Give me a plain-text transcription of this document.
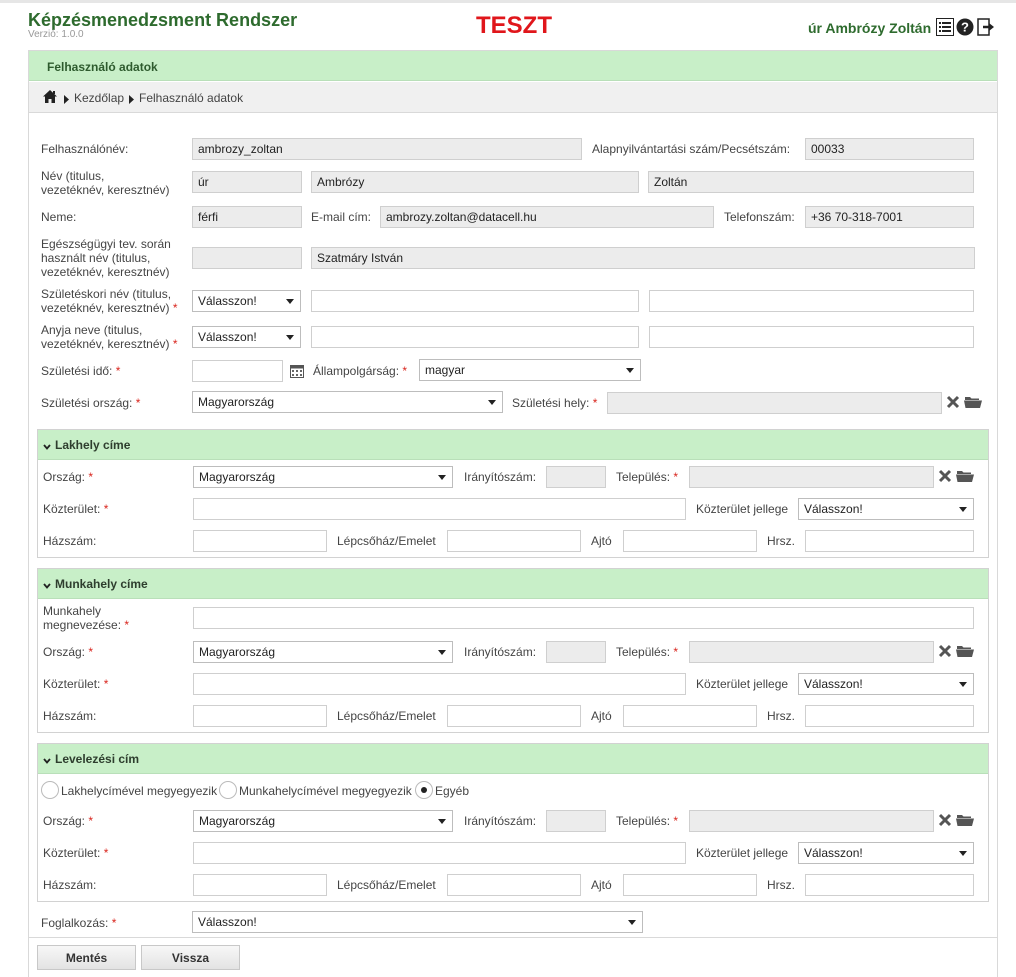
Képzésmenedzsment Rendszer
Verzió: 1.0.0	TESZT	úr Ambrózy Zoltán ?
Felhasználó adatok
Kezdőlap Felhasználó adatok
Felhasználónév:	ambrozy_zoltan	Alapnyilvántartási szám/Pecsétszám:	00033
Név (titulus,
vezetéknév, keresztnév)
úr	Ambrózy	Zoltán
Neme:	férfi	E-mail cím:	ambrozy.zoltan@datacell.hu	Telefonszám:	+36 70-318-7001
Egészségügyi tev. során
használt név (titulus,
vezetéknév, keresztnév)
Szatmáry István
Születéskori név (titulus,
vezetéknév, keresztnév) *	Válasszon!
Anyja neve (titulus,
vezetéknév, keresztnév) *	Válasszon!
Születési idő: *	Állampolgárság: *	magyar
Születési ország: *	Magyarország	Születési hely: *
Lakhely címe
Ország: *	Magyarország	Irányítószám:	Település: *
Közterület: *	Közterület jellege	Válasszon!
Házszám:	Lépcsőház/Emelet	Ajtó	Hrsz.
Munkahely címe
Munkahely
megnevezése: *
Ország: *	Magyarország	Irányítószám:	Település: *
Közterület: *	Közterület jellege	Válasszon!
Házszám:	Lépcsőház/Emelet	Ajtó	Hrsz.
Levelezési cím
Lakhelycímével megyegyezik Munkahelycímével megyegyezik Egyéb
Ország: *	Magyarország	Irányítószám:	Település: *
Közterület: *	Közterület jellege	Válasszon!
Házszám:	Lépcsőház/Emelet	Ajtó	Hrsz.
Foglalkozás: *	Válasszon!
Mentés	Vissza
